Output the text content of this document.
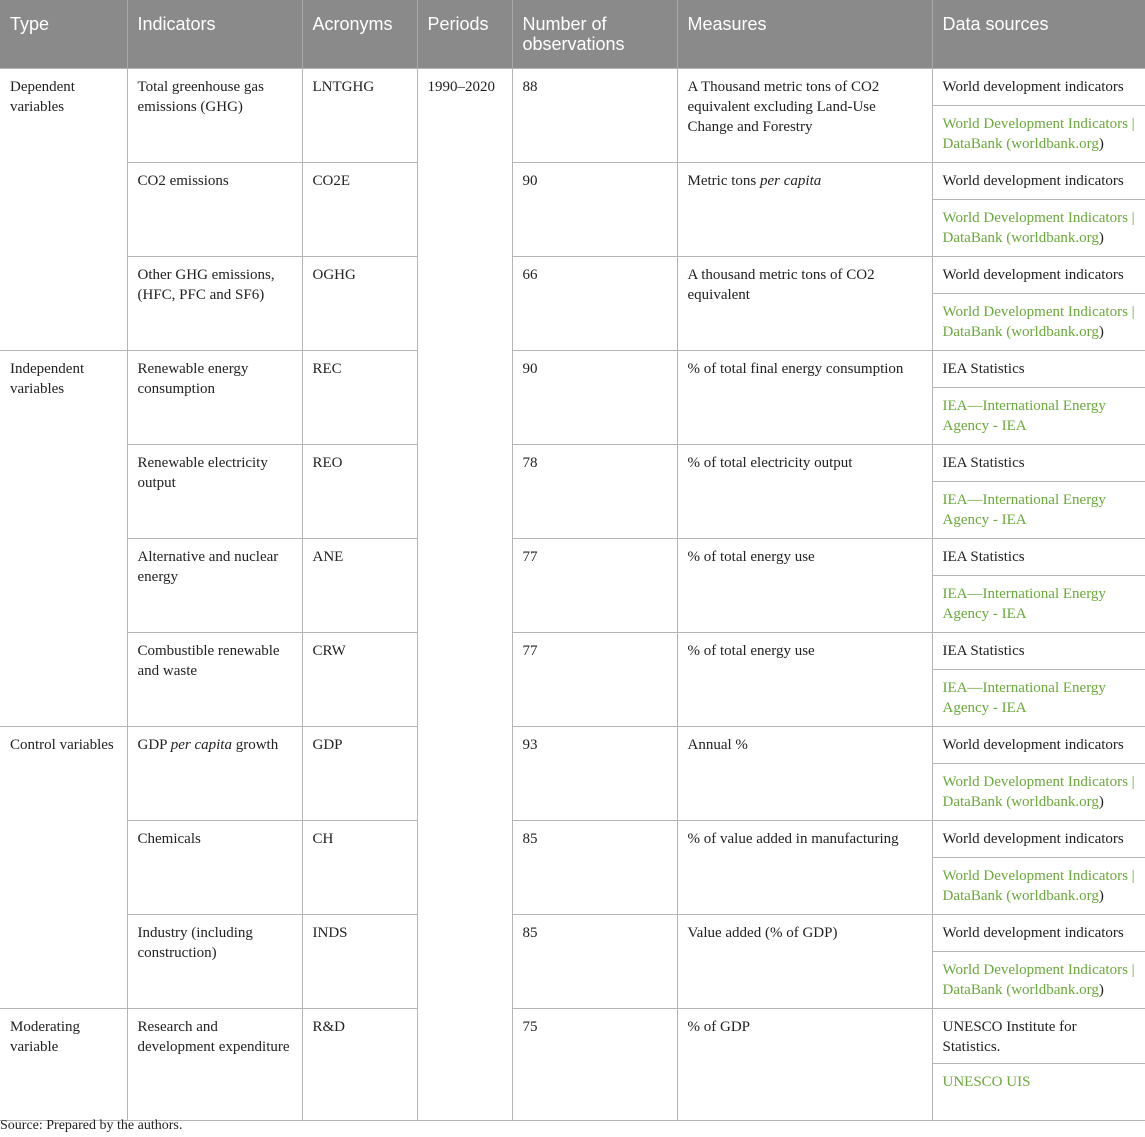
Type	Indicators	Acronyms	Periods	Number of observations	Measures	Data sources
Dependent variables	Total greenhouse gas emissions (GHG)	LNTGHG	1990–2020	88	A Thousand metric tons of CO2 equivalent excluding Land-Use Change and Forestry	World development indicators
						World Development Indicators | DataBank (worldbank.org)
	CO2 emissions	CO2E		90	Metric tons per capita	World development indicators
						World Development Indicators | DataBank (worldbank.org)
	Other GHG emissions, (HFC, PFC and SF6)	OGHG		66	A thousand metric tons of CO2 equivalent	World development indicators
						World Development Indicators | DataBank (worldbank.org)
Independent variables	Renewable energy consumption	REC		90	% of total final energy consumption	IEA Statistics
						IEA—International Energy Agency - IEA
	Renewable electricity output	REO		78	% of total electricity output	IEA Statistics
						IEA—International Energy Agency - IEA
	Alternative and nuclear energy	ANE		77	% of total energy use	IEA Statistics
						IEA—International Energy Agency - IEA
	Combustible renewable and waste	CRW		77	% of total energy use	IEA Statistics
						IEA—International Energy Agency - IEA
Control variables	GDP per capita growth	GDP		93	Annual %	World development indicators
						World Development Indicators | DataBank (worldbank.org)
	Chemicals	CH		85	% of value added in manufacturing	World development indicators
						World Development Indicators | DataBank (worldbank.org)
	Industry (including construction)	INDS		85	Value added (% of GDP)	World development indicators
						World Development Indicators | DataBank (worldbank.org)
Moderating variable	Research and development expenditure	R&D		75	% of GDP	UNESCO Institute for Statistics.
						UNESCO UIS
Source: Prepared by the authors.
